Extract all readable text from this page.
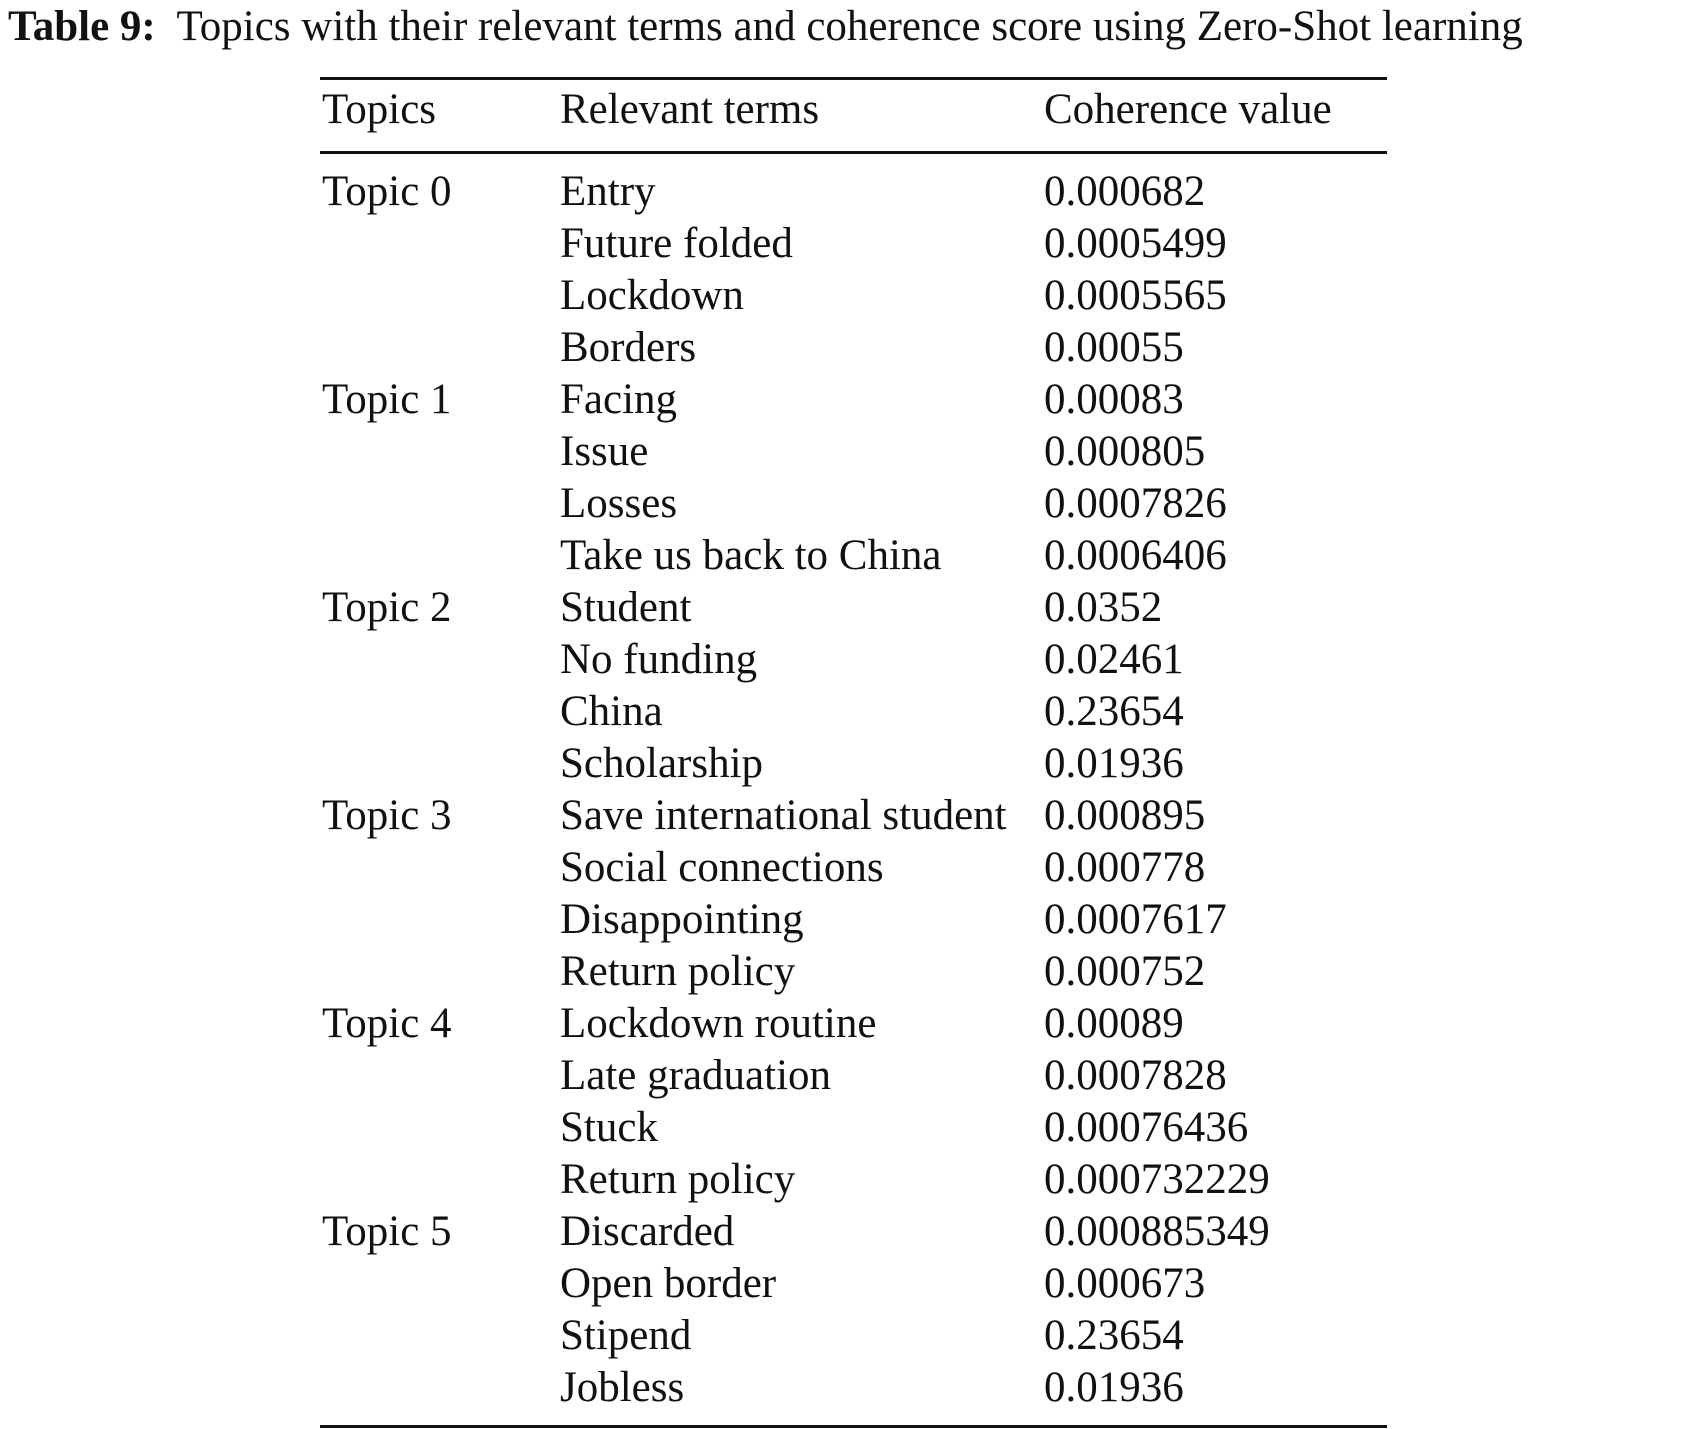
Table 9: Topics with their relevant terms and coherence score using Zero-Shot learning
Topics	Relevant terms	Coherence value
Topic 0	Entry	0.000682
Future folded	0.0005499
Lockdown	0.0005565
Borders	0.00055
Topic 1	Facing	0.00083
Issue	0.000805
Losses	0.0007826
Take us back to China 0.0006406
Topic 2	Student	0.0352
No funding	0.02461
China	0.23654
Scholarship	0.01936
Topic 3	Save international student 0.000895
Social connections	0.000778
Disappointing	0.0007617
Return policy	0.000752
Topic 4	Lockdown routine	0.00089
Late graduation	0.0007828
Stuck	0.00076436
Return policy	0.000732229
Topic 5	Discarded	0.000885349
Open border	0.000673
Stipend	0.23654
Jobless	0.01936
